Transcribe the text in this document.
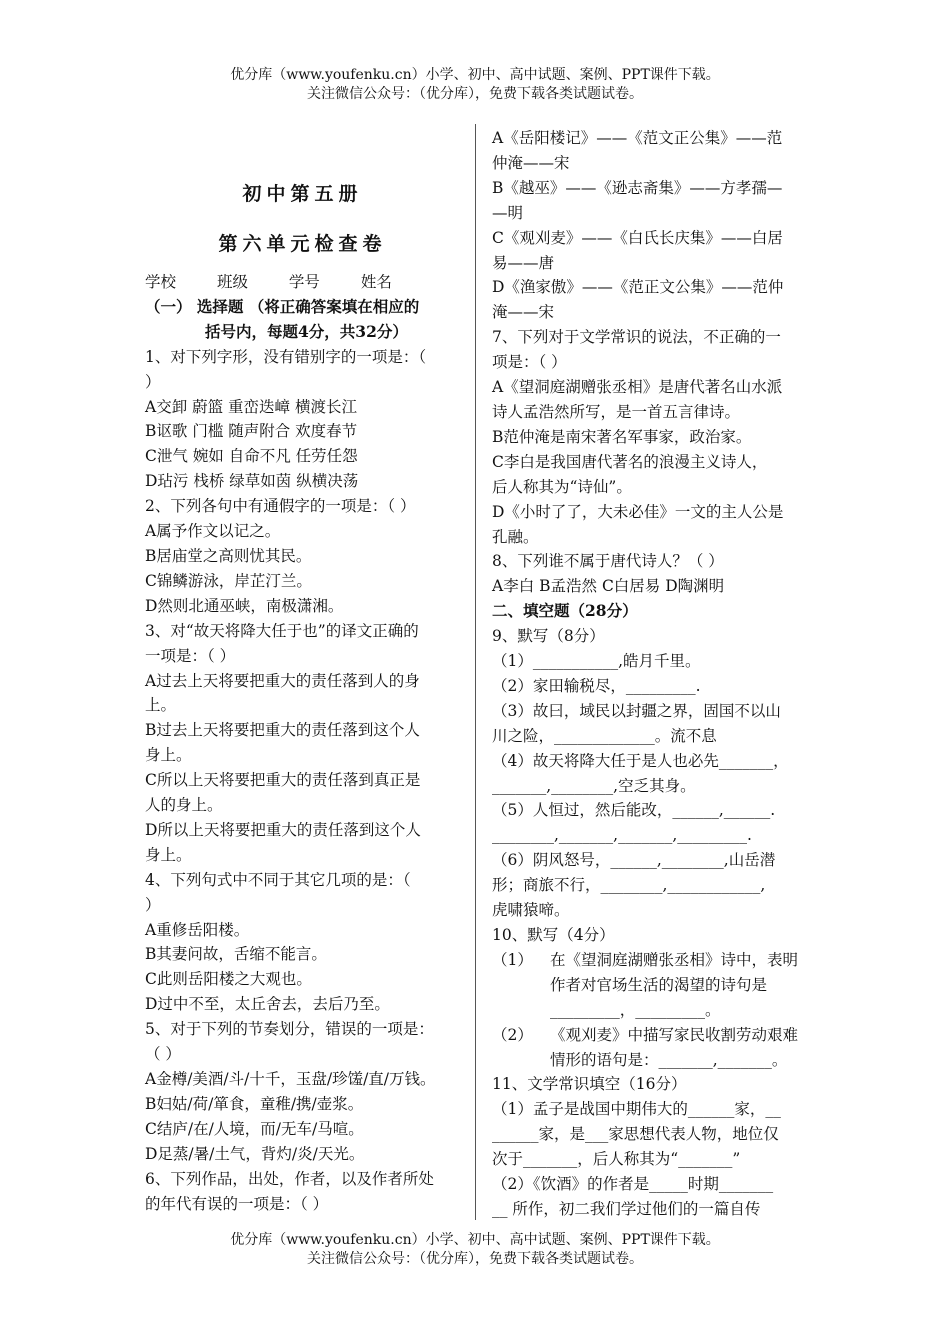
优分库（www.youfenku.cn）小学、初中、高中试题、案例、PPT课件下载。
关注微信公众号：（优分库），免费下载各类试题试卷。
初中第五册
第六单元检查卷
学校	班级	学号	姓名

（一） 选择题 （将正确答案填在相应的

括号内，每题4分，共32分）

1、对下列字形，没有错别字的一项是：（

）

A交卸 蔚篮 重峦迭嶂 横渡长江

B讴歌 门槛 随声附合 欢度春节

C泄气 婉如 自命不凡 任劳任怨

D玷污 栈桥 绿草如茵 纵横决荡

2、下列各句中有通假字的一项是：（ ）

A属予作文以记之。

B居庙堂之高则忧其民。

C锦鳞游泳，岸芷汀兰。

D然则北通巫峡，南极潇湘。

3、对“故天将降大任于也”的译文正确的

一项是：（ ）

A过去上天将要把重大的责任落到人的身

上。

B过去上天将要把重大的责任落到这个人

身上。

C所以上天将要把重大的责任落到真正是

人的身上。

D所以上天将要把重大的责任落到这个人

身上。

4、下列句式中不同于其它几项的是：（

）

A重修岳阳楼。

B其妻问故，舌缩不能言。

C此则岳阳楼之大观也。

D过中不至，太丘舍去，去后乃至。

5、对于下列的节奏划分，错误的一项是：

（ ）

A金樽/美酒/斗/十千，玉盘/珍馐/直/万钱。

B妇姑/荷/箪食，童稚/携/壶浆。

C结庐/在/人境，而/无车/马喧。

D足蒸/暑/土气，背灼/炎/天光。

6、下列作品，出处，作者，以及作者所处

的年代有误的一项是：（ ）

A《岳阳楼记》——《范文正公集》——范

仲淹——宋

B《越巫》——《逊志斋集》——方孝孺—

—明

C《观刈麦》——《白氏长庆集》——白居

易——唐

D《渔家傲》——《范正文公集》——范仲

淹——宋

7、下列对于文学常识的说法，不正确的一

项是：（ ）

A《望洞庭湖赠张丞相》是唐代著名山水派

诗人孟浩然所写，是一首五言律诗。

B范仲淹是南宋著名军事家，政治家。

C李白是我国唐代著名的浪漫主义诗人，

后人称其为“诗仙”。

D《小时了了，大未必佳》一文的主人公是

孔融。

8、下列谁不属于唐代诗人？（ ）

A李白 B孟浩然 C白居易 D陶渊明

二、填空题（28分）

9、默写（8分）

（1）___________,皓月千里。

（2）家田输税尽，_________.

（3）故曰，域民以封疆之界，固国不以山

川之险，_____________。流不息

（4）故天将降大任于是人也必先_______，

_______,________,空乏其身。

（5）人恒过，然后能改，______,______.

________,_______,_______,_________.

（6）阴风怒号，______,________,山岳潜

形；商旅不行，________,____________,

虎啸猿啼。

10、默写（4分）

（1）	在《望洞庭湖赠张丞相》诗中，表明作者对官场生活的渴望的诗句是_________，_________。
（2）	《观刈麦》中描写家民收割劳动艰难情形的语句是：_______,_______。

11、文学常识填空（16分）

（1）孟子是战国中期伟大的______家，__

______家，是___家思想代表人物，地位仅

次于_______，后人称其为“_______”

（2）《饮酒》的作者是_____时期_______

__ 所作，初二我们学过他们的一篇自传

优分库（www.youfenku.cn）小学、初中、高中试题、案例、PPT课件下载。
关注微信公众号：（优分库），免费下载各类试题试卷。
